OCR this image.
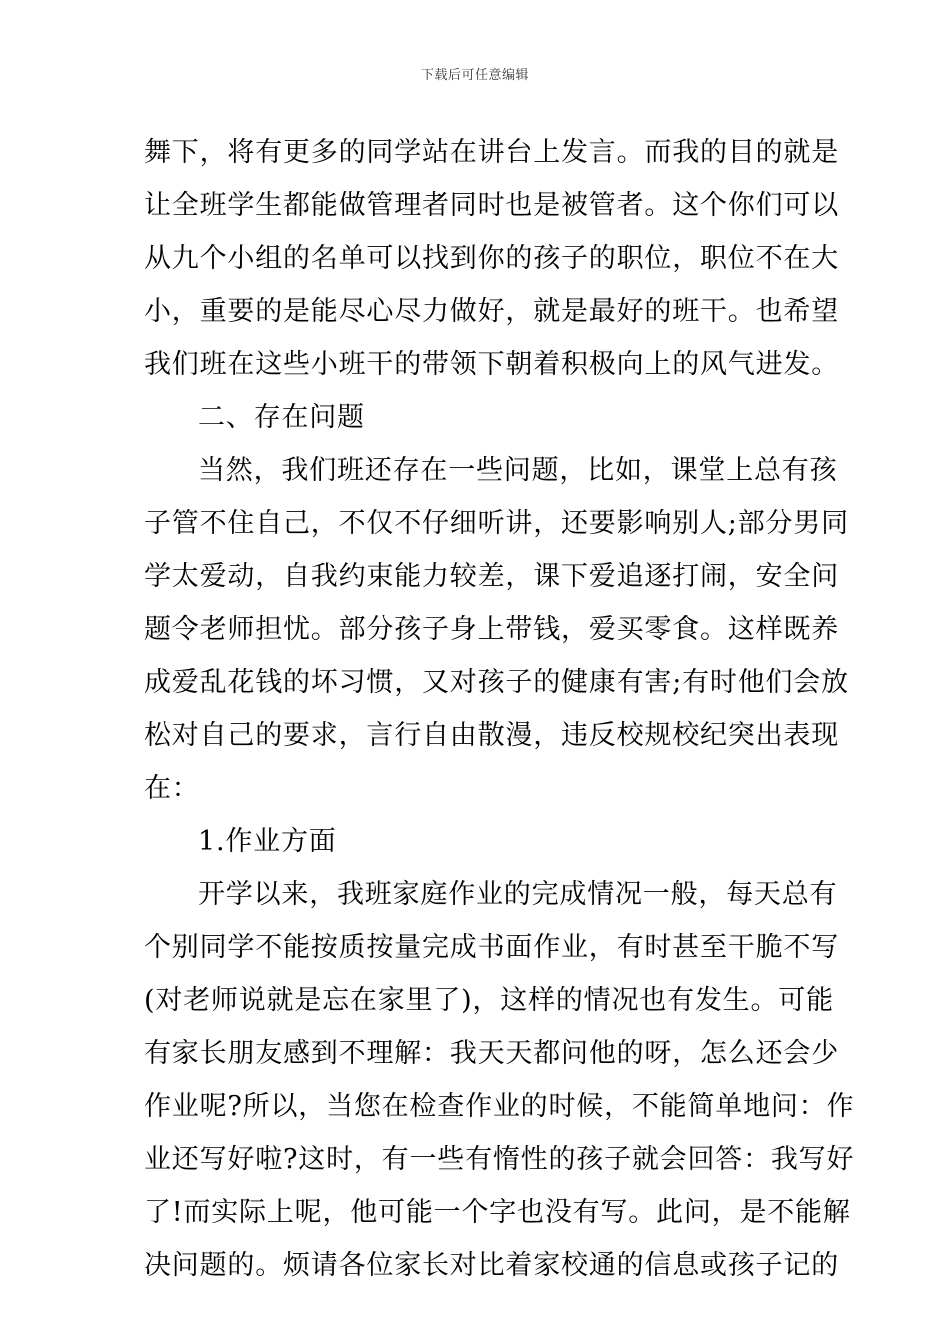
下载后可任意编辑
舞下，将有更多的同学站在讲台上发言。而我的目的就是
让全班学生都能做管理者同时也是被管者。这个你们可以
从九个小组的名单可以找到你的孩子的职位，职位不在大
小，重要的是能尽心尽力做好，就是最好的班干。也希望
我们班在这些小班干的带领下朝着积极向上的风气进发。
二、存在问题
当然，我们班还存在一些问题，比如，课堂上总有孩
子管不住自己，不仅不仔细听讲，还要影响别人;部分男同
学太爱动，自我约束能力较差，课下爱追逐打闹，安全问
题令老师担忧。部分孩子身上带钱，爱买零食。这样既养
成爱乱花钱的坏习惯，又对孩子的健康有害;有时他们会放
松对自己的要求，言行自由散漫，违反校规校纪突出表现
在：
1.作业方面
开学以来，我班家庭作业的完成情况一般，每天总有
个别同学不能按质按量完成书面作业，有时甚至干脆不写
(对老师说就是忘在家里了)，这样的情况也有发生。可能
有家长朋友感到不理解：我天天都问他的呀，怎么还会少
作业呢?所以，当您在检查作业的时候，不能简单地问：作
业还写好啦?这时，有一些有惰性的孩子就会回答：我写好
了!而实际上呢，他可能一个字也没有写。此问，是不能解
决问题的。烦请各位家长对比着家校通的信息或孩子记的
